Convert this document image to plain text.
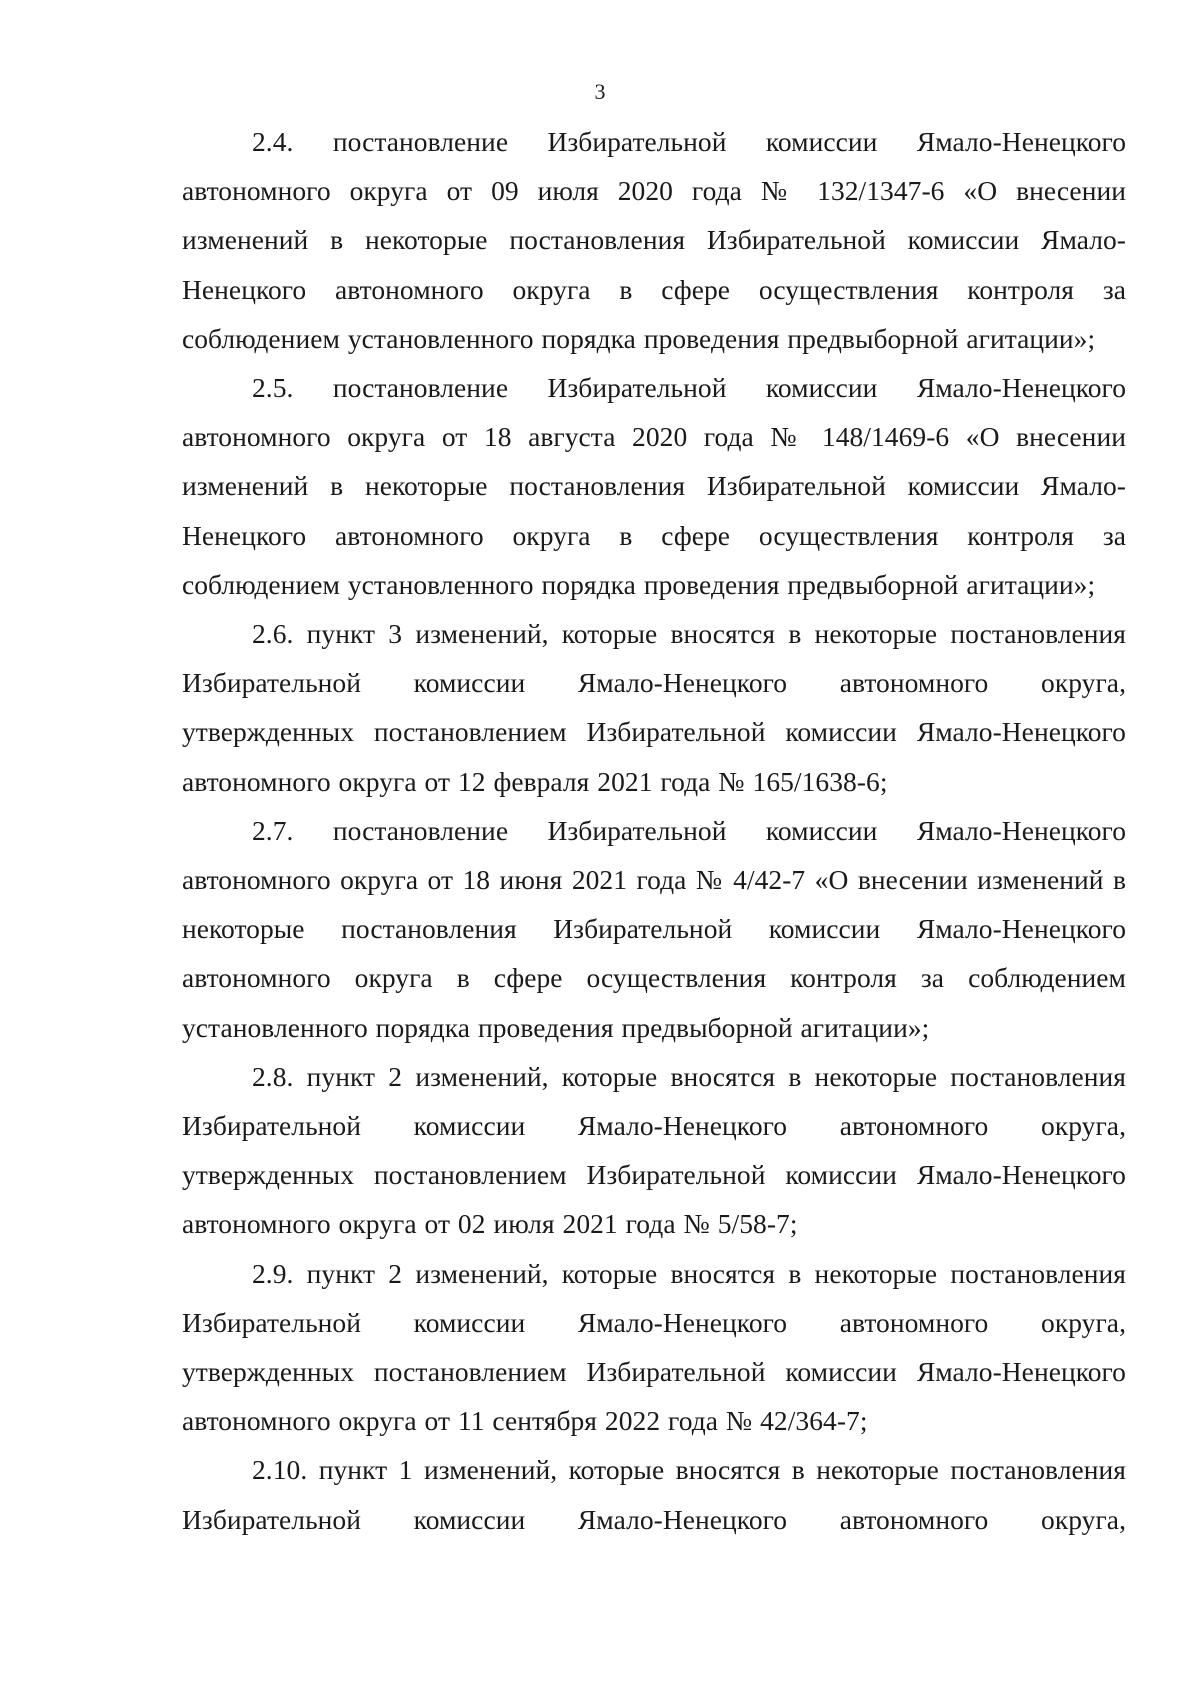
3

2.4. постановление Избирательной комиссии Ямало-Ненецкого автономного округа от 09 июля 2020 года № 132/1347-6 «О внесении изменений в некоторые постановления Избирательной комиссии Ямало-Ненецкого автономного округа в сфере осуществления контроля за соблюдением установленного порядка проведения предвыборной агитации»;

2.5. постановление Избирательной комиссии Ямало-Ненецкого автономного округа от 18 августа 2020 года № 148/1469-6 «О внесении изменений в некоторые постановления Избирательной комиссии Ямало-Ненецкого автономного округа в сфере осуществления контроля за соблюдением установленного порядка проведения предвыборной агитации»;

2.6. пункт 3 изменений, которые вносятся в некоторые постановления Избирательной комиссии Ямало-Ненецкого автономного округа, утвержденных постановлением Избирательной комиссии Ямало-Ненецкого автономного округа от 12 февраля 2021 года № 165/1638-6;

2.7. постановление Избирательной комиссии Ямало-Ненецкого автономного округа от 18 июня 2021 года № 4/42-7 «О внесении изменений в некоторые постановления Избирательной комиссии Ямало-Ненецкого автономного округа в сфере осуществления контроля за соблюдением установленного порядка проведения предвыборной агитации»;

2.8. пункт 2 изменений, которые вносятся в некоторые постановления Избирательной комиссии Ямало-Ненецкого автономного округа, утвержденных постановлением Избирательной комиссии Ямало-Ненецкого автономного округа от 02 июля 2021 года № 5/58-7;

2.9. пункт 2 изменений, которые вносятся в некоторые постановления Избирательной комиссии Ямало-Ненецкого автономного округа, утвержденных постановлением Избирательной комиссии Ямало-Ненецкого автономного округа от 11 сентября 2022 года № 42/364-7;

2.10. пункт 1 изменений, которые вносятся в некоторые постановления Избирательной комиссии Ямало-Ненецкого автономного округа,
